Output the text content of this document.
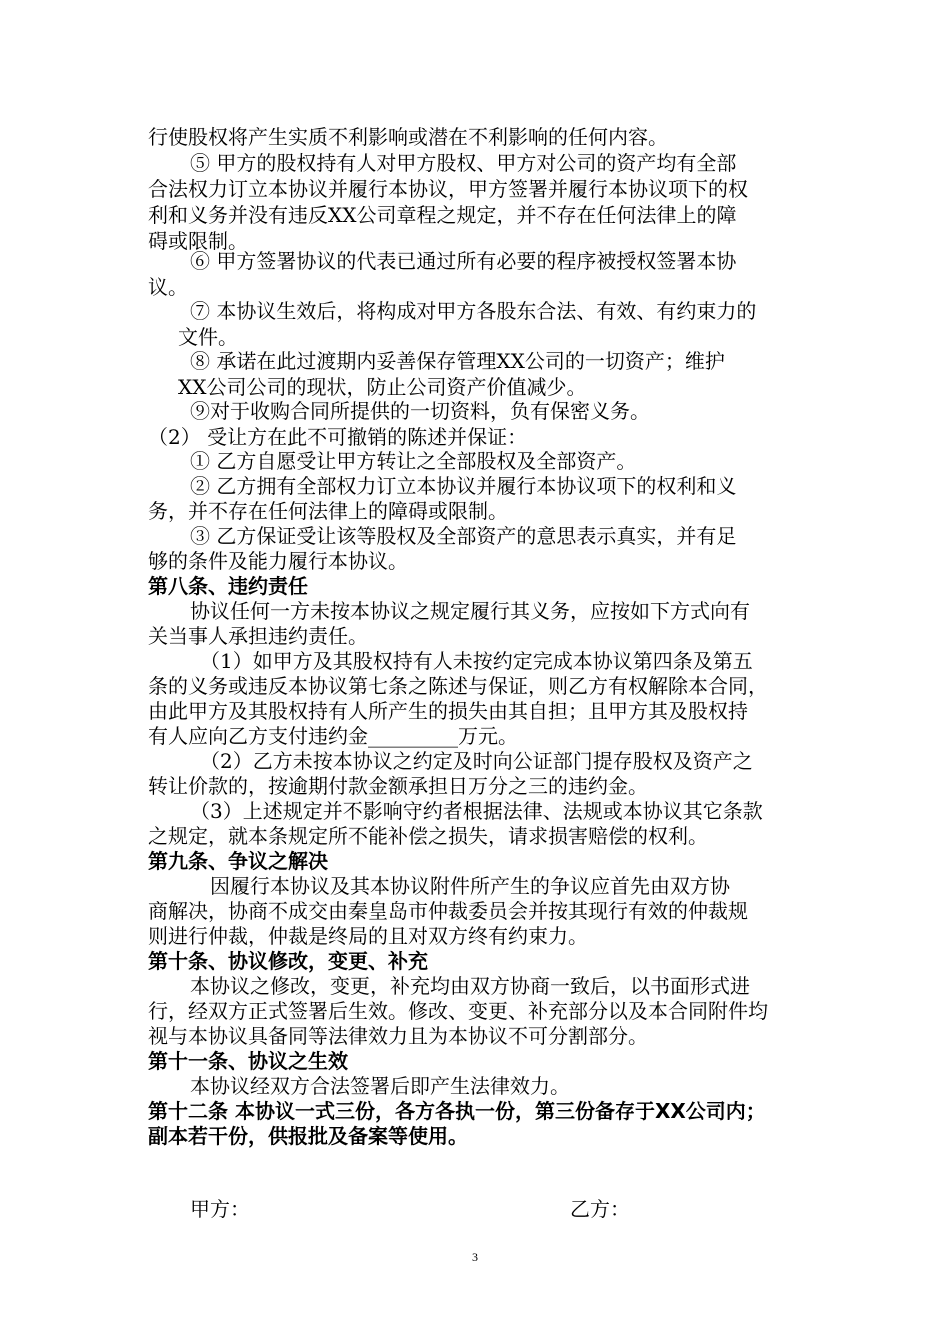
行使股权将产生实质不利影响或潜在不利影响的任何内容。
⑤ 甲方的股权持有人对甲方股权、甲方对公司的资产均有全部
合法权力订立本协议并履行本协议，甲方签署并履行本协议项下的权
利和义务并没有违反XX公司章程之规定，并不存在任何法律上的障
碍或限制。
⑥ 甲方签署协议的代表已通过所有必要的程序被授权签署本协
议。
⑦ 本协议生效后，将构成对甲方各股东合法、有效、有约束力的
文件。
⑧ 承诺在此过渡期内妥善保存管理XX公司的一切资产；维护
XX公司公司的现状，防止公司资产价值减少。
⑨对于收购合同所提供的一切资料，负有保密义务。
（2） 受让方在此不可撤销的陈述并保证：
① 乙方自愿受让甲方转让之全部股权及全部资产。
② 乙方拥有全部权力订立本协议并履行本协议项下的权利和义
务，并不存在任何法律上的障碍或限制。
③ 乙方保证受让该等股权及全部资产的意思表示真实，并有足
够的条件及能力履行本协议。
第八条、违约责任
协议任何一方未按本协议之规定履行其义务，应按如下方式向有
关当事人承担违约责任。
（1）如甲方及其股权持有人未按约定完成本协议第四条及第五
条的义务或违反本协议第七条之陈述与保证，则乙方有权解除本合同，
由此甲方及其股权持有人所产生的损失由其自担；且甲方其及股权持
有人应向乙方支付违约金_________万元。
（2）乙方未按本协议之约定及时向公证部门提存股权及资产之
转让价款的，按逾期付款金额承担日万分之三的违约金。
（3）上述规定并不影响守约者根据法律、法规或本协议其它条款
之规定，就本条规定所不能补偿之损失，请求损害赔偿的权利。
第九条、争议之解决
因履行本协议及其本协议附件所产生的争议应首先由双方协
商解决，协商不成交由秦皇岛市仲裁委员会并按其现行有效的仲裁规
则进行仲裁，仲裁是终局的且对双方终有约束力。
第十条、协议修改，变更、补充
本协议之修改，变更，补充均由双方协商一致后，以书面形式进
行，经双方正式签署后生效。修改、变更、补充部分以及本合同附件均
视与本协议具备同等法律效力且为本协议不可分割部分。
第十一条、协议之生效
本协议经双方合法签署后即产生法律效力。
第十二条 本协议一式三份，各方各执一份，第三份备存于XX公司内；
副本若干份，供报批及备案等使用。
甲方：	乙方：
3
